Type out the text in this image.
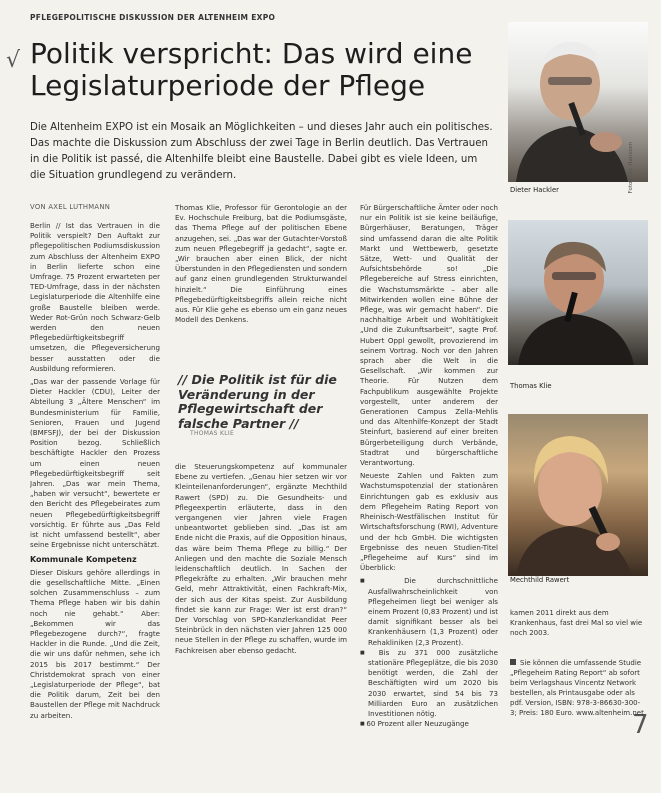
PFLEGEPOLITISCHE DISKUSSION DER ALTENHEIM EXPO
√
7
Politik verspricht: Das wird eine Legislaturperiode der Pflege

Die Altenheim EXPO ist ein Mosaik an Möglichkeiten – und dieses Jahr auch ein politisches. Das machte die Diskussion zum Abschluss der zwei Tage in Berlin deutlich. Das Vertrauen in die Politik ist passé, die Altenhilfe bleibt eine Baustelle. Dabei gibt es viele Ideen, um die Situation grundlegend zu verändern.

VON AXEL LUTHMANN

Berlin // Ist das Vertrauen in die Politik verspielt? Den Auftakt zur pflegepolitischen Podiumsdiskussion zum Abschluss der Altenheim EXPO in Berlin lieferte schon eine Umfrage. 75 Prozent erwarteten per TED-Umfrage, dass in der nächsten Legislaturperiode die Altenhilfe eine große Baustelle bleiben werde. Weder Rot-Grün noch Schwarz-Gelb werden den neuen Pflegebedürftigkeitsbegriff umsetzen, die Pflegeversicherung besser ausstatten oder die Ausbildung reformieren.

„Das war der passende Vorlage für Dieter Hackler (CDU), Leiter der Abteilung 3 „Ältere Menschen“ im Bundesministerium für Familie, Senioren, Frauen und Jugend (BMFSFJ), der bei der Diskussion Position bezog. Schließlich beschäftigte Hackler den Prozess um einen neuen Pflegebedürftigkeitsbegriff seit Jahren. „Das war mein Thema, „haben wir versucht“, bewertete er den Bericht des Pflegebeirates zum neuen Pflegebedürftigkeitsbegriff vorsichtig. Er führte aus „Das Feld ist nicht umfassend bestellt“, aber seine Ergebnisse nicht unterschätzt.

Kommunale Kompetenz

Dieser Diskurs gehöre allerdings in die gesellschaftliche Mitte. „Einen solchen Zusammenschluss – zum Thema Pflege haben wir bis dahin noch nie gehabt.“ Aber: „Bekommen wir das Pflegebezogene durch?“, fragte Hackler in die Runde. „Und die Zeit, die wir uns dafür nehmen, sehe ich 2015 bis 2017 bestimmt.“ Der Christdemokrat sprach von einer „Legislaturperiode der Pflege“, bat die Politik darum, Zeit bei den Baustellen der Pflege mit Nachdruck zu arbeiten.

Thomas Klie, Professor für Gerontologie an der Ev. Hochschule Freiburg, bat die Podiumsgäste, das Thema Pflege auf der politischen Ebene anzugehen, sei. „Das war der Gutachter-Vorstoß zum neuen Pflegebegriff ja gedacht“, sagte er. „Wir brauchen aber einen Blick, der nicht Überstunden in den Pflegediensten und sondern auf ganz einen grundlegenden Strukturwandel hinzielt.“ Die Einführung eines Pflegebedürftigkeitsbegriffs allein reiche nicht aus. Für Klie gehe es ebenso um ein ganz neues Modell des Denkens.

// Die Politik ist für die Veränderung in der Pflegewirtschaft der falsche Partner //
THOMAS KLIE

die Steuerungskompetenz auf kommunaler Ebene zu vertiefen. „Genau hier setzen wir vor Kleinteilenanforderungen“, ergänzte Mechthild Rawert (SPD) zu. Die Gesundheits- und Pflegeexpertin erläuterte, dass in den vergangenen vier Jahren viele Fragen unbeantwortet geblieben sind. „Das ist am Ende nicht die Praxis, auf die Opposition hinaus, das wäre beim Thema Pflege zu billig.“ Der Anliegen und den machte die Soziale Mensch leidenschaftlich deutlich. In Sachen der Pflegekräfte zu erhalten. „Wir brauchen mehr Geld, mehr Attraktivität, einen Fachkraft-Mix, der sich aus der Kitas speist. Zur Ausbildung findet sie kann zur Frage: Wer ist erst dran?“ Der Vorschlag von SPD-Kanzlerkandidat Peer Steinbrück in den nächsten vier Jahren 125 000 neue Stellen in der Pflege zu schaffen, wurde im Fachkreisen aber ebenso gedacht.

Für Bürgerschaftliche Ämter oder noch nur ein Politik ist sie keine beiläufige, Bürgerhäuser, Beratungen, Träger sind umfassend daran die alte Politik Markt und Wettbewerb, gesetzte Sätze, Wett- und Qualität der Aufsichtsbehörde so! „Die Pflegebereiche auf Stress einrichten, die Wachstumsmärkte – aber alle Mitwirkenden wollen eine Bühne der Pflege, was wir gemacht haben“. Die nachhaltige Arbeit und Wohltätigkeit „Und die Zukunftsarbeit“, sagte Prof. Hubert Oppl gewollt, provozierend im seinem Vortrag. Noch vor den Jahren sprach aber die Welt in die Gesellschaft. „Wir kommen zur Theorie. Für Nutzen dem Fachpublikum ausgewählte Projekte vorgestellt, unter anderem der Generationen Campus Zella-Mehlis und das Altenhilfe-Konzept der Stadt Steinfurt, basierend auf einer breiten Bürgerbeteiligung durch Verbände, Stadtrat und bürgerschaftliche Verantwortung.

Neueste Zahlen und Fakten zum Wachstumspotenzial der stationären Einrichtungen gab es exklusiv aus dem Pflegeheim Rating Report von Rheinisch-Westfälischen Institut für Wirtschaftsforschung (RWI), Adventure und der hcb GmbH. Die wichtigsten Ergebnisse des neuen Studien-Titel „Pflegeheime auf Kurs“ sind im Überblick:

■ Die durchschnittliche Ausfallwahrscheinlichkeit von Pflegeheimen liegt bei weniger als einem Prozent (0,83 Prozent) und ist damit signifikant besser als bei Krankenhäusern (1,3 Prozent) oder Rehakliniken (2,3 Prozent).
■ Bis zu 371 000 zusätzliche stationäre Pflegeplätze, die bis 2030 benötigt werden, die Zahl der Beschäftigten wird um 2020 bis 2030 erwartet, sind 54 bis 73 Milliarden Euro an zusätzlichen Investitionen nötig.
■ 60 Prozent aller Neuzugänge
Fotos (3): Hanssen
Dieter Hackler
Thomas Klie
Mechthild Rawert
kamen 2011 direkt aus dem Krankenhaus, fast drei Mal so viel wie noch 2003.
Sie können die umfassende Studie „Pflegeheim Rating Report“ ab sofort beim Verlagshaus Vincentz Network bestellen, als Printausgabe oder als pdf. Version, ISBN: 978-3-86630-300-3; Preis: 180 Euro. www.altenheim.net
